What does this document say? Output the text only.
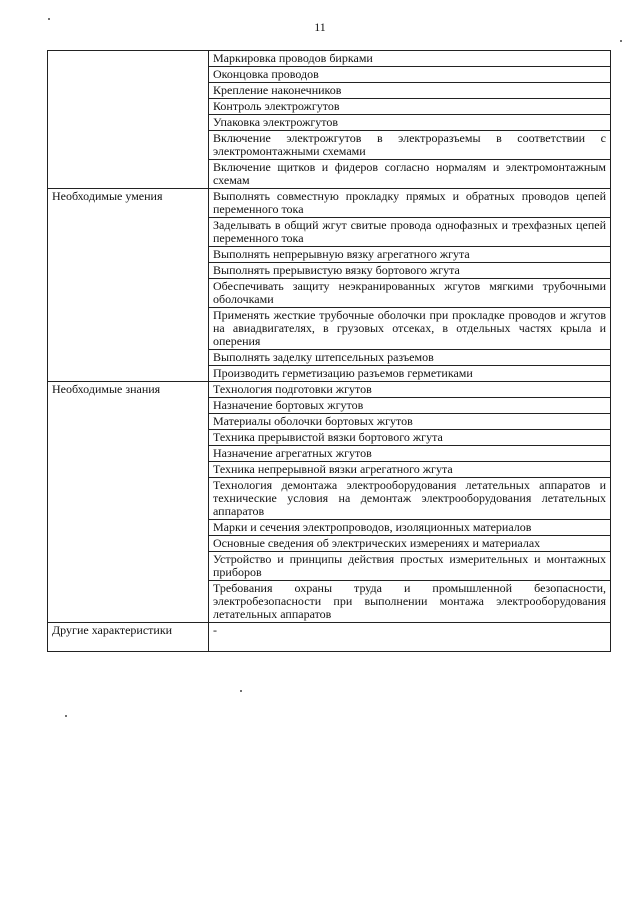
11
	Маркировка проводов бирками
	Оконцовка проводов
	Крепление наконечников
	Контроль электрожгутов
	Упаковка электрожгутов
	Включение электрожгутов в электроразъемы в соответствии с электромонтажными схемами
	Включение щитков и фидеров согласно нормалям и электромонтажным схемам
Необходимые умения	Выполнять совместную прокладку прямых и обратных проводов цепей переменного тока
	Заделывать в общий жгут свитые провода однофазных и трехфазных цепей переменного тока
	Выполнять непрерывную вязку агрегатного жгута
	Выполнять прерывистую вязку бортового жгута
	Обеспечивать защиту неэкранированных жгутов мягкими трубочными оболочками
	Применять жесткие трубочные оболочки при прокладке проводов и жгутов на авиадвигателях, в грузовых отсеках, в отдельных частях крыла и оперения
	Выполнять заделку штепсельных разъемов
	Производить герметизацию разъемов герметиками
Необходимые знания	Технология подготовки жгутов
	Назначение бортовых жгутов
	Материалы оболочки бортовых жгутов
	Техника прерывистой вязки бортового жгута
	Назначение агрегатных жгутов
	Техника непрерывной вязки агрегатного жгута
	Технология демонтажа электрооборудования летательных аппаратов и технические условия на демонтаж электрооборудования летательных аппаратов
	Марки и сечения электропроводов, изоляционных материалов
	Основные сведения об электрических измерениях и материалах
	Устройство и принципы действия простых измерительных и монтажных приборов
	Требования охраны труда и промышленной безопасности, электробезопасности при выполнении монтажа электрооборудования летательных аппаратов
Другие характеристики	-
